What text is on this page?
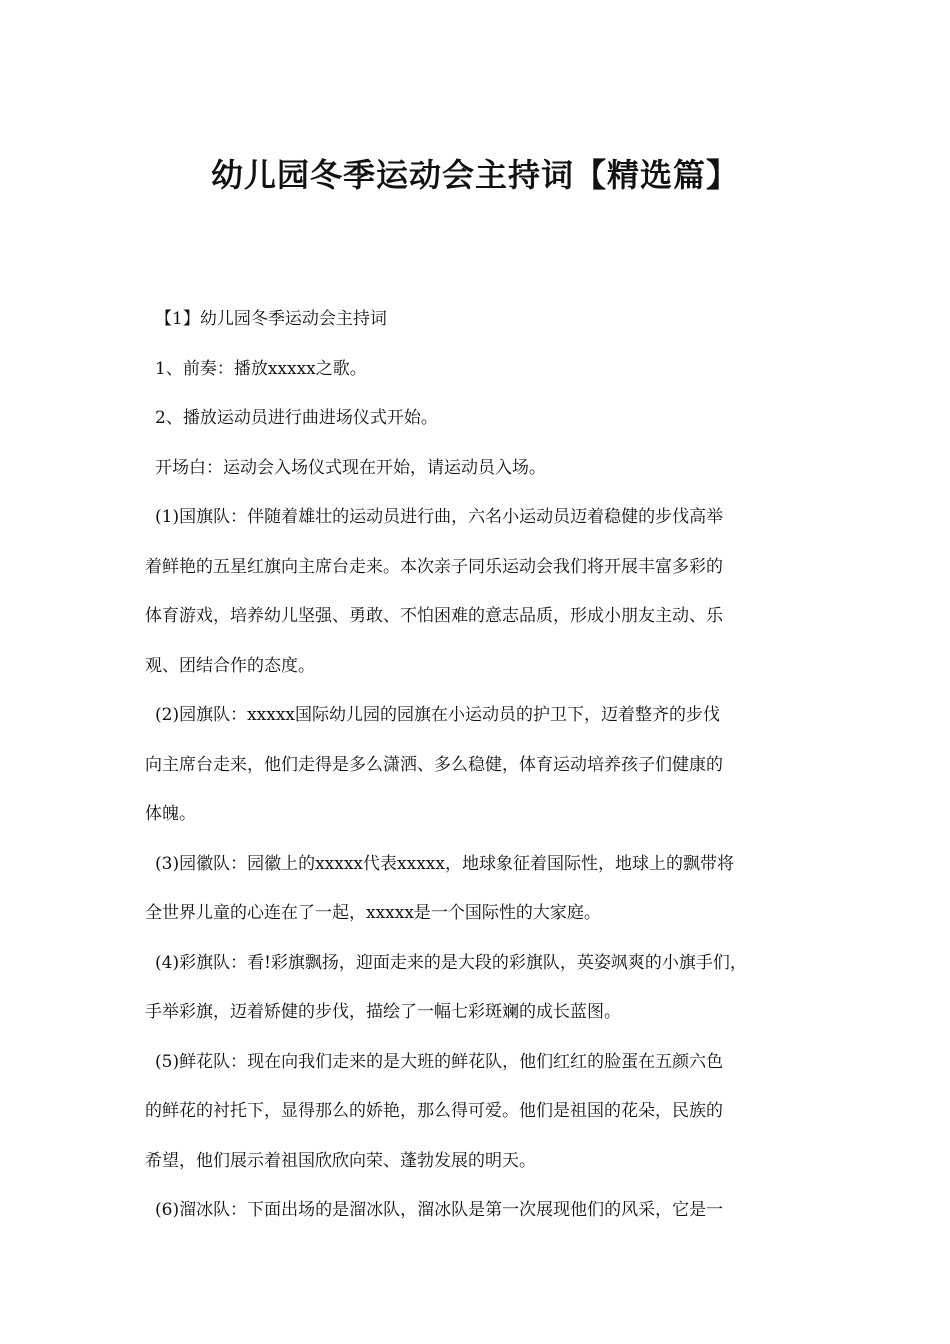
幼儿园冬季运动会主持词【精选篇】

【1】幼儿园冬季运动会主持词

1、前奏：播放xxxxx之歌。

2、播放运动员进行曲进场仪式开始。

开场白：运动会入场仪式现在开始，请运动员入场。

(1)国旗队：伴随着雄壮的运动员进行曲，六名小运动员迈着稳健的步伐高举

着鲜艳的五星红旗向主席台走来。本次亲子同乐运动会我们将开展丰富多彩的

体育游戏，培养幼儿坚强、勇敢、不怕困难的意志品质，形成小朋友主动、乐

观、团结合作的态度。

(2)园旗队：xxxxx国际幼儿园的园旗在小运动员的护卫下，迈着整齐的步伐

向主席台走来，他们走得是多么潇洒、多么稳健，体育运动培养孩子们健康的

体魄。

(3)园徽队：园徽上的xxxxx代表xxxxx，地球象征着国际性，地球上的飘带将

全世界儿童的心连在了一起，xxxxx是一个国际性的大家庭。

(4)彩旗队：看!彩旗飘扬，迎面走来的是大段的彩旗队，英姿飒爽的小旗手们，

手举彩旗，迈着矫健的步伐，描绘了一幅七彩斑斓的成长蓝图。

(5)鲜花队：现在向我们走来的是大班的鲜花队，他们红红的脸蛋在五颜六色

的鲜花的衬托下，显得那么的娇艳，那么得可爱。他们是祖国的花朵，民族的

希望，他们展示着祖国欣欣向荣、蓬勃发展的明天。

(6)溜冰队：下面出场的是溜冰队，溜冰队是第一次展现他们的风采，它是一
